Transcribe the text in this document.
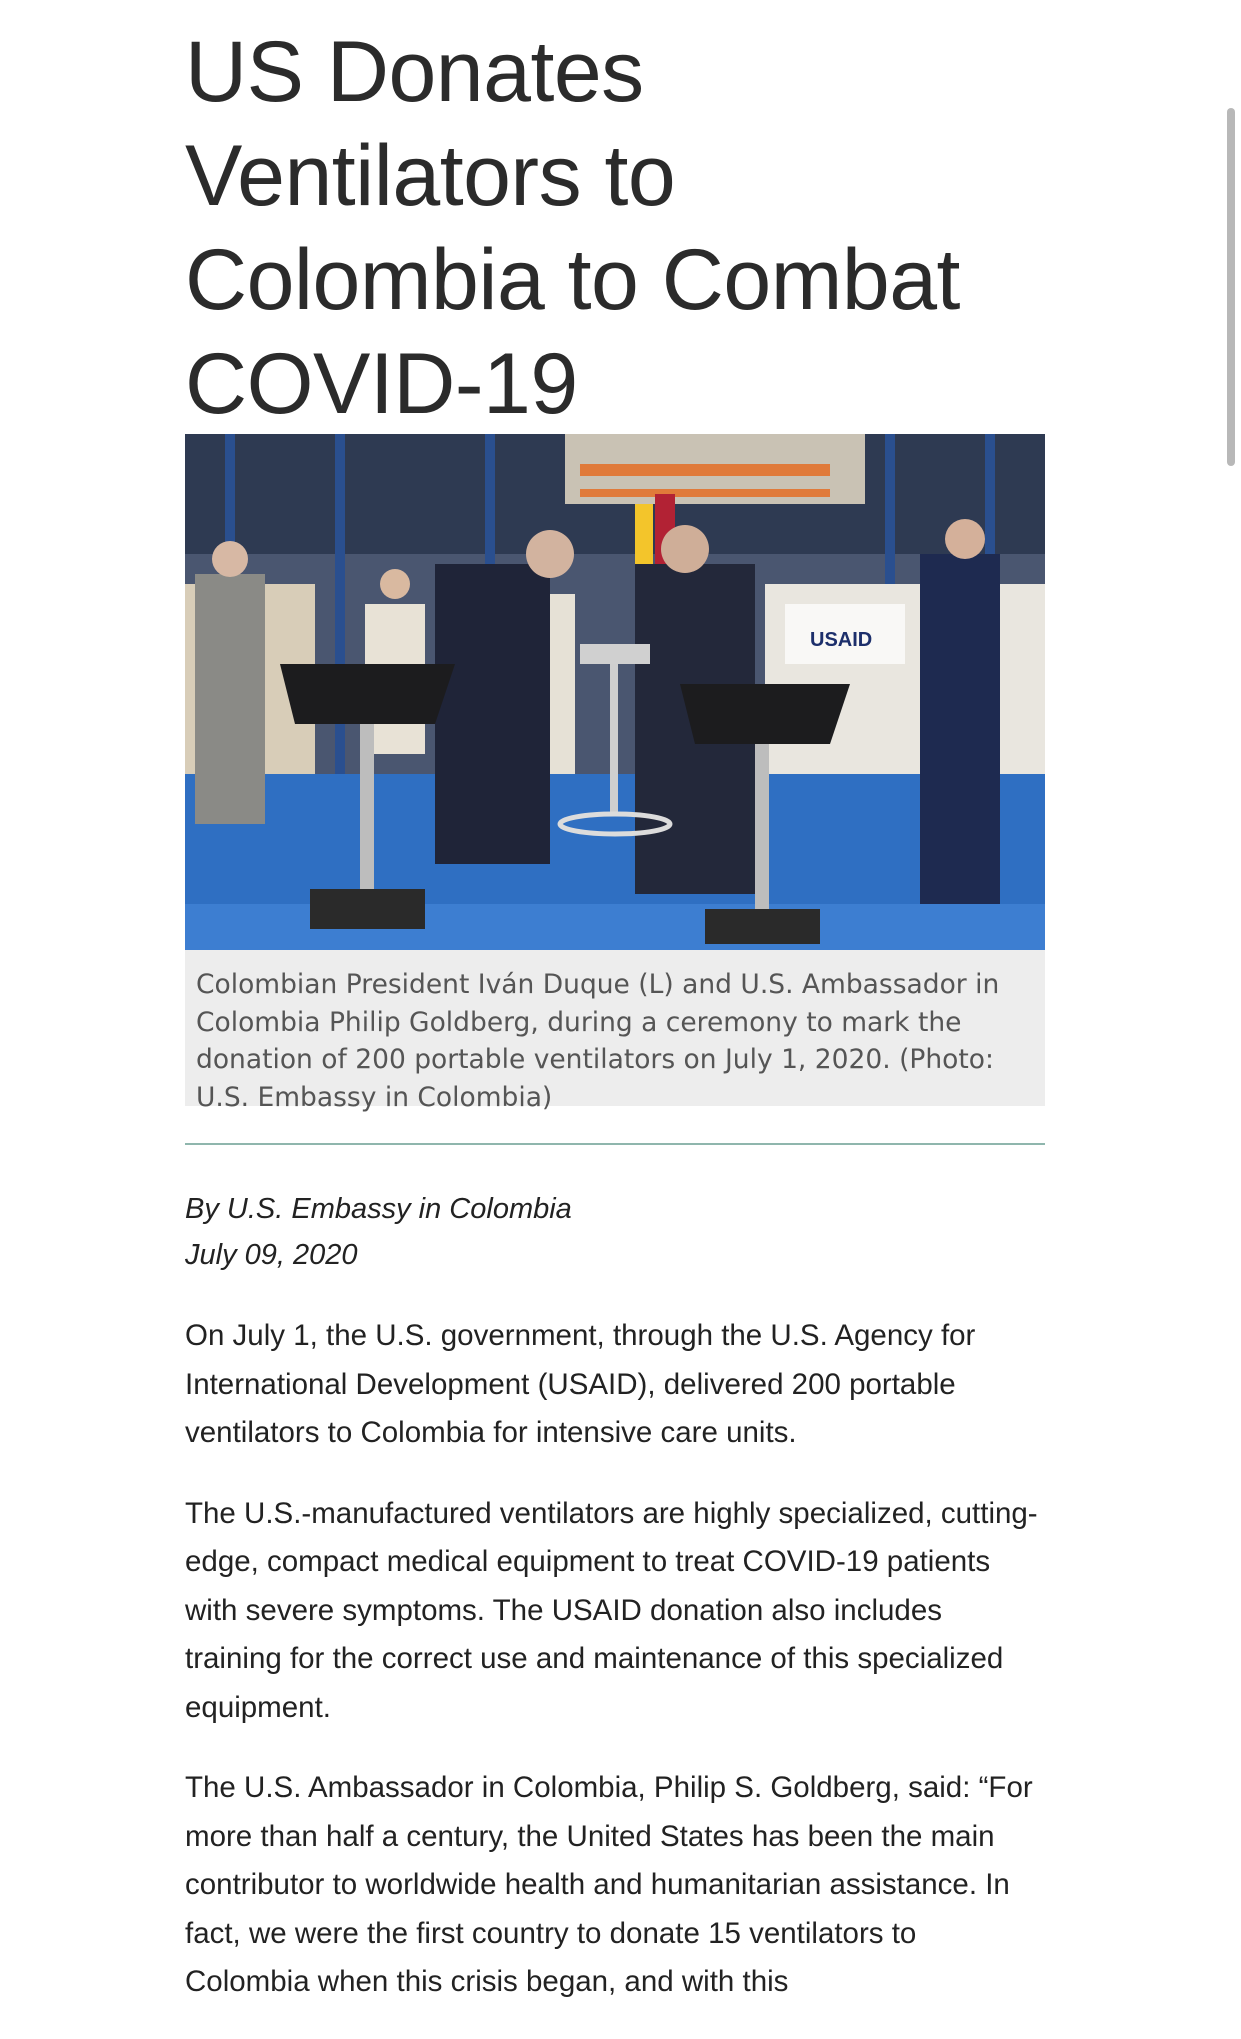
US Donates Ventilators to Colombia to Combat COVID-19
USAID
Colombian President Iván Duque (L) and U.S. Ambassador in Colombia Philip Goldberg, during a ceremony to mark the donation of 200 portable ventilators on July 1, 2020. (Photo: U.S. Embassy in Colombia)
By U.S. Embassy in Colombia
July 09, 2020

On July 1, the U.S. government, through the U.S. Agency for International Development (USAID), delivered 200 portable ventilators to Colombia for intensive care units.

The U.S.-manufactured ventilators are highly specialized, cutting-edge, compact medical equipment to treat COVID-19 patients with severe symptoms. The USAID donation also includes training for the correct use and maintenance of this specialized equipment.

The U.S. Ambassador in Colombia, Philip S. Goldberg, said: “For more than half a century, the United States has been the main contributor to worldwide health and humanitarian assistance. In fact, we were the first country to donate 15 ventilators to Colombia when this crisis began, and with this
